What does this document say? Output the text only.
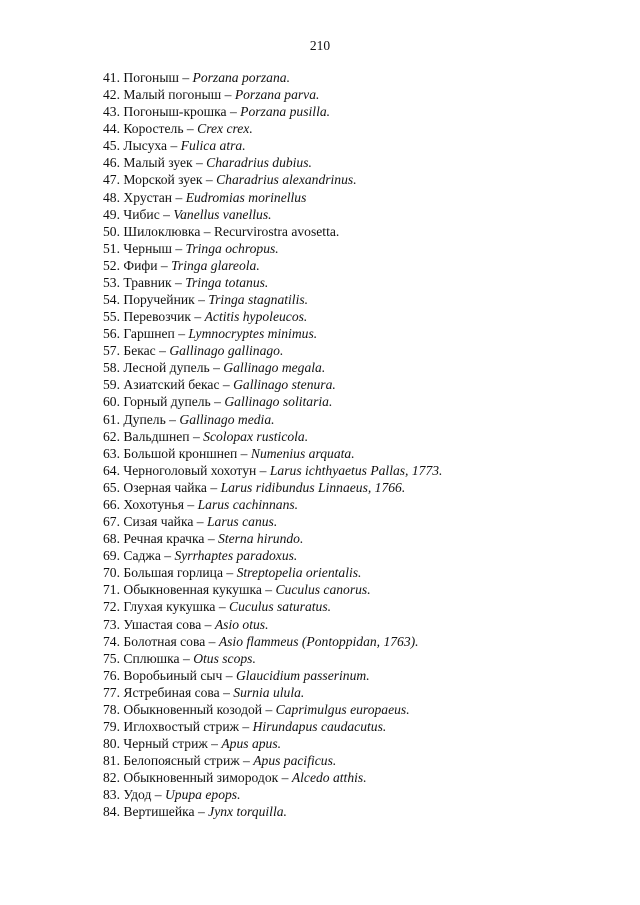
210
41. Погоныш – Porzana porzana.
42. Малый погоныш – Porzana parva.
43. Погоныш-крошка – Porzana pusilla.
44. Коростель – Crex crex.
45. Лысуха – Fulica atra.
46. Малый зуек – Charadrius dubius.
47. Морской зуек – Charadrius alexandrinus.
48. Хрустан – Eudromias morinellus
49. Чибис – Vanellus vanellus.
50. Шилоклювка – Recurvirostra avosetta.
51. Черныш – Tringa ochropus.
52. Фифи – Tringa glareola.
53. Травник – Tringa totanus.
54. Поручейник – Tringa stagnatilis.
55. Перевозчик – Actitis hypoleucos.
56. Гаршнеп – Lymnocryptes minimus.
57. Бекас – Gallinago gallinago.
58. Лесной дупель – Gallinago megala.
59. Азиатский бекас – Gallinago stenura.
60. Горный дупель – Gallinago solitaria.
61. Дупель – Gallinago media.
62. Вальдшнеп – Scolopax rusticola.
63. Большой кроншнеп – Numenius arquata.
64. Черноголовый хохотун – Larus ichthyaetus Pallas, 1773.
65. Озерная чайка – Larus ridibundus Linnaeus, 1766.
66. Хохотунья – Larus cachinnans.
67. Сизая чайка – Larus canus.
68. Речная крачка – Sterna hirundo.
69. Саджа – Syrrhaptes paradoxus.
70. Большая горлица – Streptopelia orientalis.
71. Обыкновенная кукушка – Cuculus canorus.
72. Глухая кукушка – Cuculus saturatus.
73. Ушастая сова – Asio otus.
74. Болотная сова – Asio flammeus (Pontoppidan, 1763).
75. Сплюшка – Otus scops.
76. Воробьиный сыч – Glaucidium passerinum.
77. Ястребиная сова – Surnia ulula.
78. Обыкновенный козодой – Caprimulgus europaeus.
79. Иглохвостый стриж – Hirundapus caudacutus.
80. Черный стриж – Apus apus.
81. Белопоясный стриж – Apus pacificus.
82. Обыкновенный зимородок – Alcedo atthis.
83. Удод – Upupa epops.
84. Вертишейка – Jynx torquilla.
